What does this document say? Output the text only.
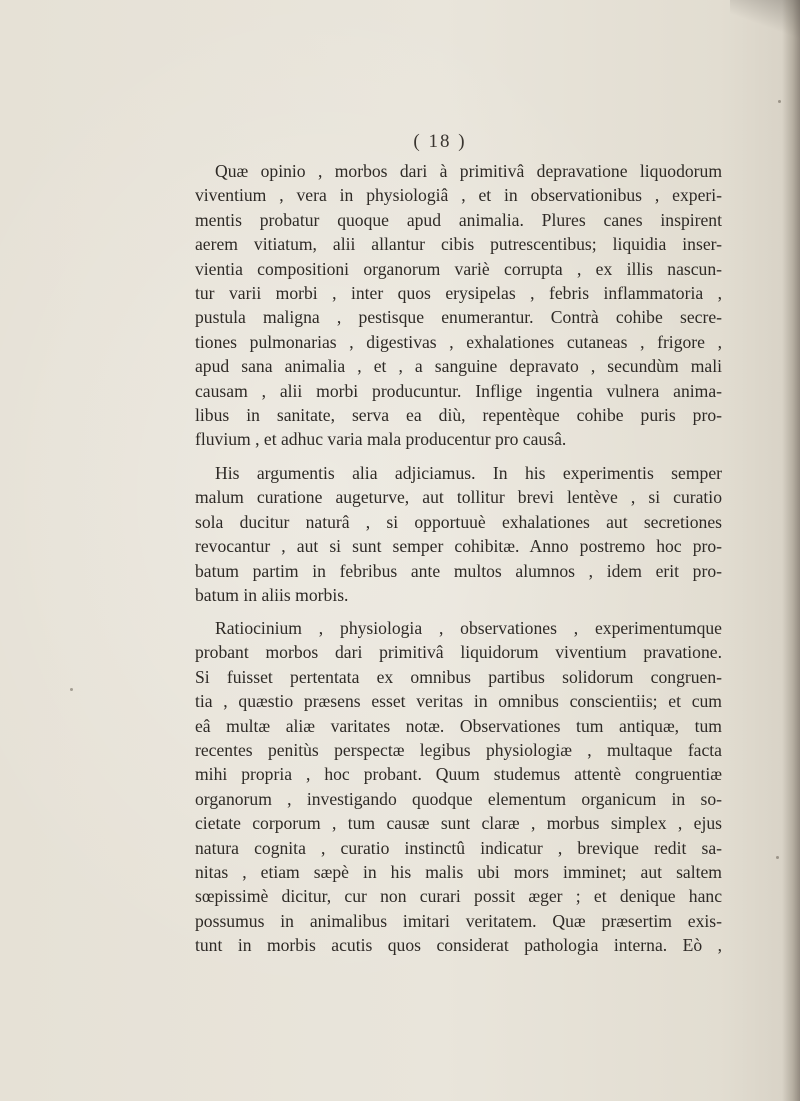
( 18 )
Quæ opinio , morbos dari à primitivâ depravatione liquodorum
viventium , vera in physiologiâ , et in observationibus , experi-
mentis probatur quoque apud animalia. Plures canes inspirent
aerem vitiatum, alii allantur cibis putrescentibus; liquidia inser-
vientia compositioni organorum variè corrupta , ex illis nascun-
tur varii morbi , inter quos erysipelas , febris inflammatoria ,
pustula maligna , pestisque enumerantur. Contrà cohibe secre-
tiones pulmonarias , digestivas , exhalationes cutaneas , frigore ,
apud sana animalia , et , a sanguine depravato , secundùm mali
causam , alii morbi producuntur. Inflige ingentia vulnera anima-
libus in sanitate, serva ea diù, repentèque cohibe puris pro-
fluvium , et adhuc varia mala producentur pro causâ.
His argumentis alia adjiciamus. In his experimentis semper
malum curatione augeturve, aut tollitur brevi lentève , si curatio
sola ducitur naturâ , si opportuuè exhalationes aut secretiones
revocantur , aut si sunt semper cohibitæ. Anno postremo hoc pro-
batum partim in febribus ante multos alumnos , idem erit pro-
batum in aliis morbis.
Ratiocinium , physiologia , observationes , experimentumque
probant morbos dari primitivâ liquidorum viventium pravatione.
Si fuisset pertentata ex omnibus partibus solidorum congruen-
tia , quæstio præsens esset veritas in omnibus conscientiis; et cum
eâ multæ aliæ varitates notæ. Observationes tum antiquæ, tum
recentes penitùs perspectæ legibus physiologiæ , multaque facta
mihi propria , hoc probant. Quum studemus attentè congruentiæ
organorum , investigando quodque elementum organicum in so-
cietate corporum , tum causæ sunt claræ , morbus simplex , ejus
natura cognita , curatio instinctû indicatur , brevique redit sa-
nitas , etiam sæpè in his malis ubi mors imminet; aut saltem
sœpissimè dicitur, cur non curari possit æger ; et denique hanc
possumus in animalibus imitari veritatem. Quæ præsertim exis-
tunt in morbis acutis quos considerat pathologia interna. Eò ,
